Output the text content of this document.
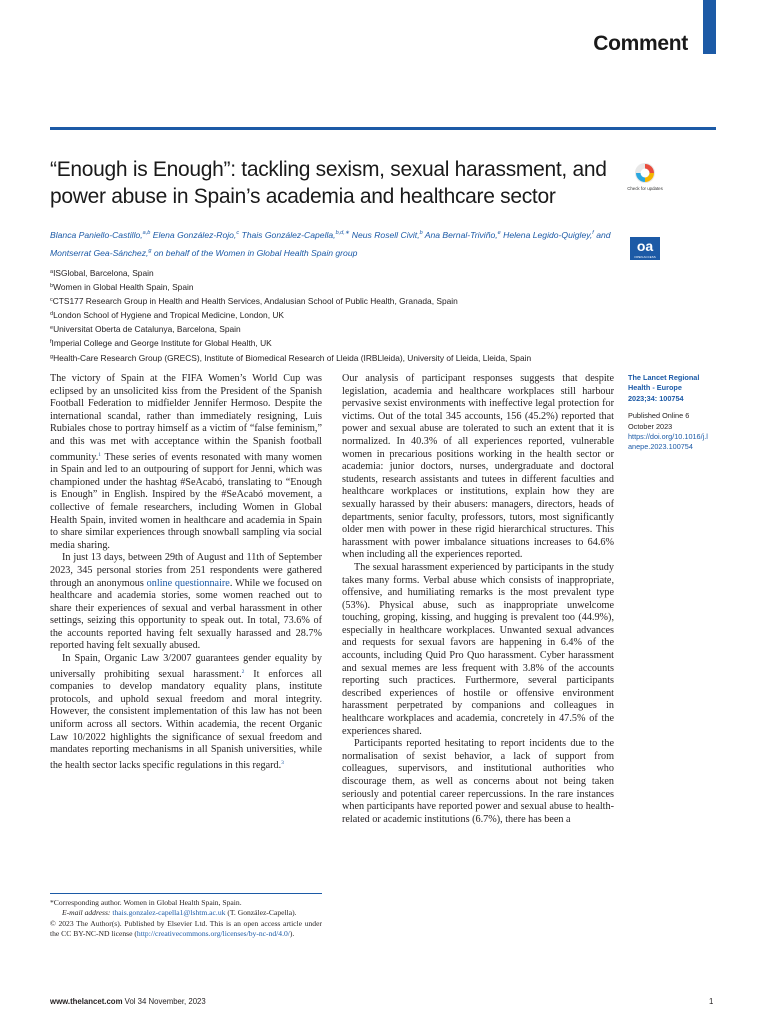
Comment
“Enough is Enough”: tackling sexism, sexual harassment, and power abuse in Spain’s academia and healthcare sector	Check for updates
oa
OPEN ACCESS
Blanca Paniello-Castillo,$^{a,b}$ Elena González-Rojo,$^c$ Thais González-Capella,$^{b,d,∗}$ Neus Rosell Civit,$^b$ Ana Bernal-Triviño,$^e$ Helena Legido-Quigley,$^f$ and Montserrat Gea-Sánchez,$^g$ on behalf of the Women in Global Health Spain group
$^a$ISGlobal, Barcelona, Spain
$^b$Women in Global Health Spain, Spain
$^c$CTS177 Research Group in Health and Health Services, Andalusian School of Public Health, Granada, Spain
$^d$London School of Hygiene and Tropical Medicine, London, UK
$^e$Universitat Oberta de Catalunya, Barcelona, Spain
$^f$Imperial College and George Institute for Global Health, UK
$^g$Health-Care Research Group (GRECS), Institute of Biomedical Research of Lleida (IRBLleida), University of Lleida, Lleida, Spain

The victory of Spain at the FIFA Women’s World Cup was eclipsed by an unsolicited kiss from the President of the Spanish Football Federation to midfielder Jennifer Hermoso. Despite the international scandal, rather than immediately resigning, Luis Rubiales chose to portray himself as a victim of “false feminism,” and this was met with acceptance within the Spanish football community.$^1$ These series of events resonated with many women in Spain and led to an outpouring of support for Jenni, which was championed under the hashtag #SeAcabó, translating to “Enough is Enough” in English. Inspired by the #SeAcabó movement, a collective of female researchers, including Women in Global Health Spain, invited women in healthcare and academia in Spain to share similar experiences through snowball sampling via social media sharing.

In just 13 days, between 29th of August and 11th of September 2023, 345 personal stories from 251 respondents were gathered through an anonymous online questionnaire. While we focused on healthcare and academia stories, some women reached out to share their experiences of sexual and verbal harassment in other settings, seizing this opportunity to speak out. In total, 73.6% of the accounts reported having felt sexually harassed and 28.7% reported having felt sexually abused.

In Spain, Organic Law 3/2007 guarantees gender equality by universally prohibiting sexual harassment.$^2$ It enforces all companies to develop mandatory equality plans, institute protocols, and uphold sexual freedom and moral integrity. However, the consistent implementation of this law has not been uniform across all sectors. Within academia, the recent Organic Law 10/2022 highlights the significance of sexual freedom and mandates reporting mechanisms in all Spanish universities, while the health sector lacks specific regulations in this regard.$^3$

Our analysis of participant responses suggests that despite legislation, academia and healthcare workplaces still harbour pervasive sexist environments with ineffective legal protection for victims. Out of the total 345 accounts, 156 (45.2%) reported that power and sexual abuse are tolerated to such an extent that it is normalized. In 40.3% of all experiences reported, vulnerable women in precarious positions working in the health sector or academia: junior doctors, nurses, undergraduate and doctoral students, research assistants and tutees in different faculties and healthcare workplaces or institutions, explain how they are sexually harassed by their abusers: managers, directors, heads of departments, senior faculty, professors, tutors, most significantly older men with power in these rigid hierarchical structures. This harassment with power imbalance situations increases to 64.6% when including all the experiences reported.

The sexual harassment experienced by participants in the study takes many forms. Verbal abuse which consists of inappropriate, offensive, and humiliating remarks is the most prevalent type (53%). Physical abuse, such as inappropriate unwelcome touching, groping, kissing, and hugging is prevalent too (44.9%), especially in healthcare workplaces. Unwanted sexual advances and requests for sexual favors are happening in 6.4% of the accounts, including Quid Pro Quo harassment. Cyber harassment and sexual memes are less frequent with 3.8% of the accounts reporting such practices. Furthermore, several participants described experiences of hostile or offensive environment harassment perpetrated by companions and colleagues in healthcare workplaces and academia, concretely in 47.5% of the experiences shared.

Participants reported hesitating to report incidents due to the normalisation of sexist behavior, a lack of support from colleagues, supervisors, and institutional authorities who discourage them, as well as concerns about not being taken seriously and potential career repercussions. In the rare instances when participants have reported power and sexual abuse to health-related or academic institutions (6.7%), there has been a

The Lancet Regional Health - Europe 2023;34: 100754
Published Online 6 October 2023
https://doi.org/10.1016/j.lanepe.2023.100754
*Corresponding author. Women in Global Health Spain, Spain.
E-mail address: thais.gonzalez-capella1@lshtm.ac.uk (T. González-Capella).
© 2023 The Author(s). Published by Elsevier Ltd. This is an open access article under the CC BY-NC-ND license (http://creativecommons.org/licenses/by-nc-nd/4.0/).
www.thelancet.com Vol 34 November, 2023	1
